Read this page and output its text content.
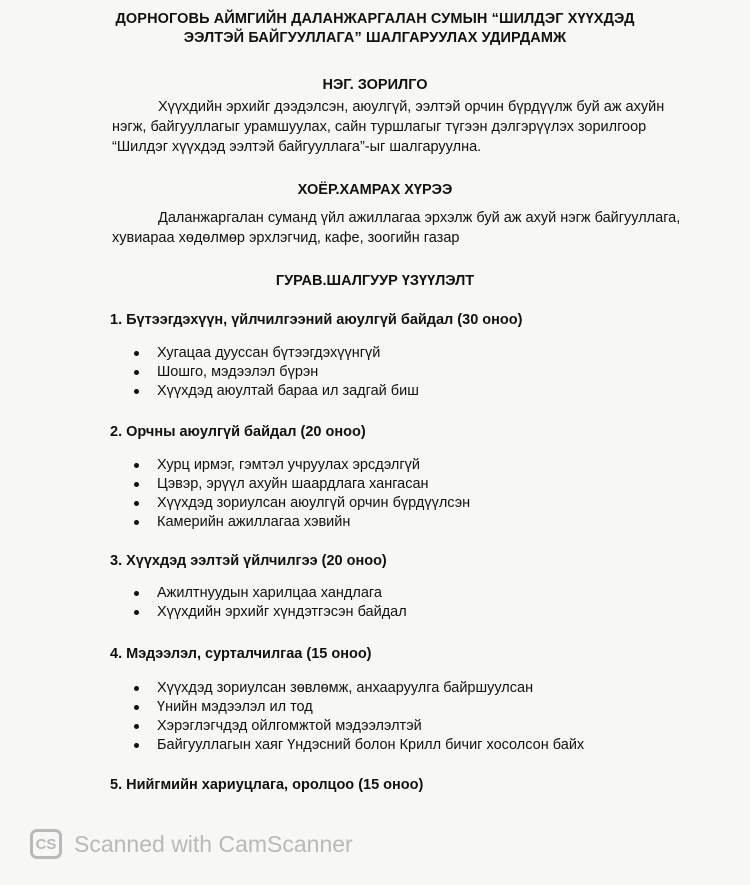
ДОРНОГОВЬ АЙМГИЙН ДАЛАНЖАРГАЛАН СУМЫН “ШИЛДЭГ ХҮҮХДЭД
ЭЭЛТЭЙ БАЙГУУЛЛАГА” ШАЛГАРУУЛАХ УДИРДАМЖ
НЭГ. ЗОРИЛГО
Хүүхдийн эрхийг дээдэлсэн, аюулгүй, ээлтэй орчин бүрдүүлж буй аж ахуйн
нэгж, байгууллагыг урамшуулах, сайн туршлагыг түгээн дэлгэрүүлэх зорилгоор
“Шилдэг хүүхдэд ээлтэй байгууллага”-ыг шалгаруулна.
ХОЁР.ХАМРАХ ХҮРЭЭ
Даланжаргалан суманд үйл ажиллагаа эрхэлж буй аж ахуй нэгж байгууллага,
хувиараа хөдөлмөр эрхлэгчид, кафе, зоогийн газар
ГУРАВ.ШАЛГУУР ҮЗҮҮЛЭЛТ
1. Бүтээгдэхүүн, үйлчилгээний аюулгүй байдал (30 оноо)
Хугацаа дууссан бүтээгдэхүүнгүй
Шошго, мэдээлэл бүрэн
Хүүхдэд аюултай бараа ил задгай биш
2. Орчны аюулгүй байдал (20 оноо)
Хурц ирмэг, гэмтэл учруулах эрсдэлгүй
Цэвэр, эрүүл ахуйн шаардлага хангасан
Хүүхдэд зориулсан аюулгүй орчин бүрдүүлсэн
Камерийн ажиллагаа хэвийн
3. Хүүхдэд ээлтэй үйлчилгээ (20 оноо)
Ажилтнуудын харилцаа хандлага
Хүүхдийн эрхийг хүндэтгэсэн байдал
4. Мэдээлэл, сурталчилгаа (15 оноо)
Хүүхдэд зориулсан зөвлөмж, анхааруулга байршуулсан
Үнийн мэдээлэл ил тод
Хэрэглэгчдэд ойлгомжтой мэдээлэлтэй
Байгууллагын хаяг Үндэсний болон Крилл бичиг хосолсон байх
5. Нийгмийн хариуцлага, оролцоо (15 оноо)
CS Scanned with CamScanner
